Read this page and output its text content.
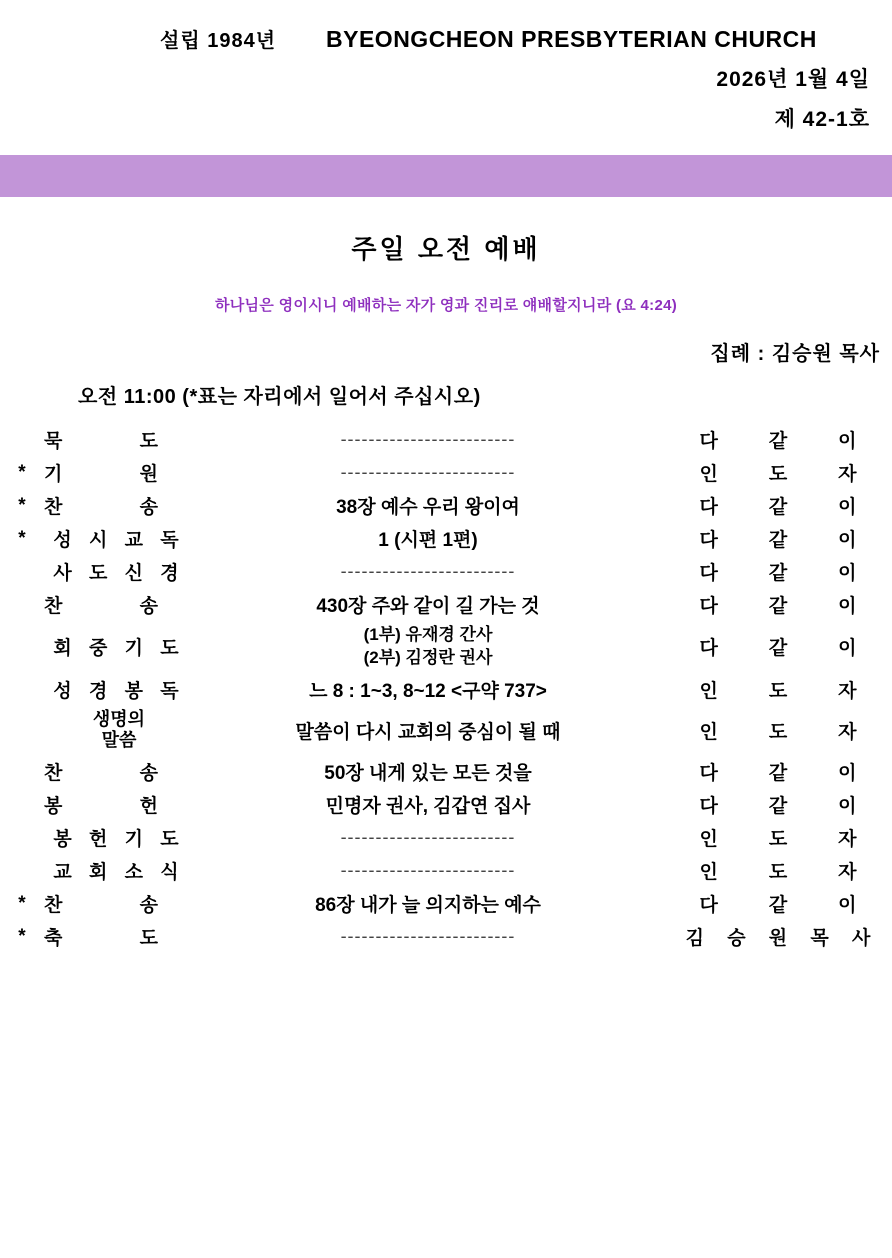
설립 1984년 BYEONGCHEON PRESBYTERIAN CHURCH
2026년 1월 4일
제 42-1호
주일 오전 예배
하나님은 영이시니 예배하는 자가 영과 진리로 얘배할지니라 (요 4:24)
집례 : 김승원 목사
오전 11:00 (*표는 자리에서 일어서 주십시오)
	묵 도	-------------------------	다 같 이

*	기 원	-------------------------	인 도 자

*	찬 송	38장 예수 우리 왕이여	다 같 이

*	성 시 교 독	1 (시편 1편)	다 같 이

	사 도 신 경	-------------------------	다 같 이

	찬 송	430장 주와 같이 길 가는 것	다 같 이

	회 중 기 도	(1부) 유재경 간사
(2부) 김정란 권사	다 같 이

	성 경 봉 독	느 8 : 1~3, 8~12 <구약 737>	인 도 자

	생명의
말씀	말씀이 다시 교회의 중심이 될 때	인 도 자

	찬 송	50장 내게 있는 모든 것을	다 같 이

	봉 헌	민명자 권사, 김갑연 집사	다 같 이

	봉 헌 기 도	-------------------------	인 도 자

	교 회 소 식	-------------------------	인 도 자

*	찬 송	86장 내가 늘 의지하는 예수	다 같 이

*	축 도	-------------------------	김 승 원 목 사
